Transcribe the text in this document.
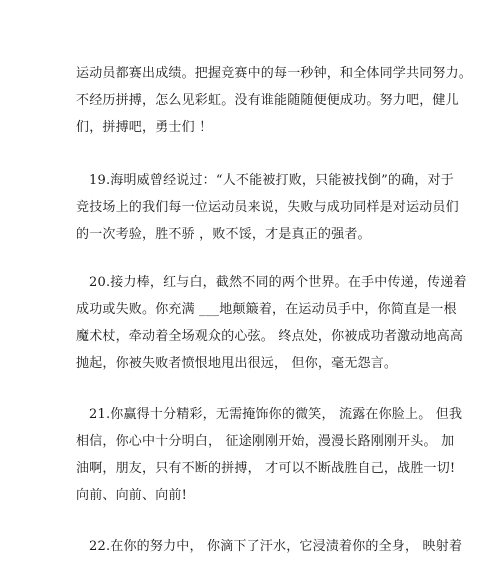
运动员都赛出成绩。把握竞赛中的每一秒钟，和全体同学共同努力。
不经历拼搏，怎么见彩虹。没有谁能随随便便成功。努力吧，健儿
们，拼搏吧，勇士们 ！
19.海明威曾经说过：“人不能被打败，只能被找倒”的确，对于
竞技场上的我们每一位运动员来说，失败与成功同样是对运动员们
的一次考验，胜不骄 ，败不馁，才是真正的强者。
20.接力棒，红与白，截然不同的两个世界。在手中传递，传递着
成功或失败。你充满 ___地颠簸着，在运动员手中，你简直是一根
魔术杖，牵动着全场观众的心弦。 终点处，你被成功者激动地高高
抛起，你被失败者愤恨地甩出很远， 但你，毫无怨言。
21.你赢得十分精彩，无需掩饰你的微笑， 流露在你脸上。 但我
相信，你心中十分明白， 征途刚刚开始，漫漫长路刚刚开头。 加
油啊，朋友，只有不断的拼搏， 才可以不断战胜自己，战胜一切!
向前、向前、向前!
22.在你的努力中， 你滴下了汗水，它浸渍着你的全身， 映射着
